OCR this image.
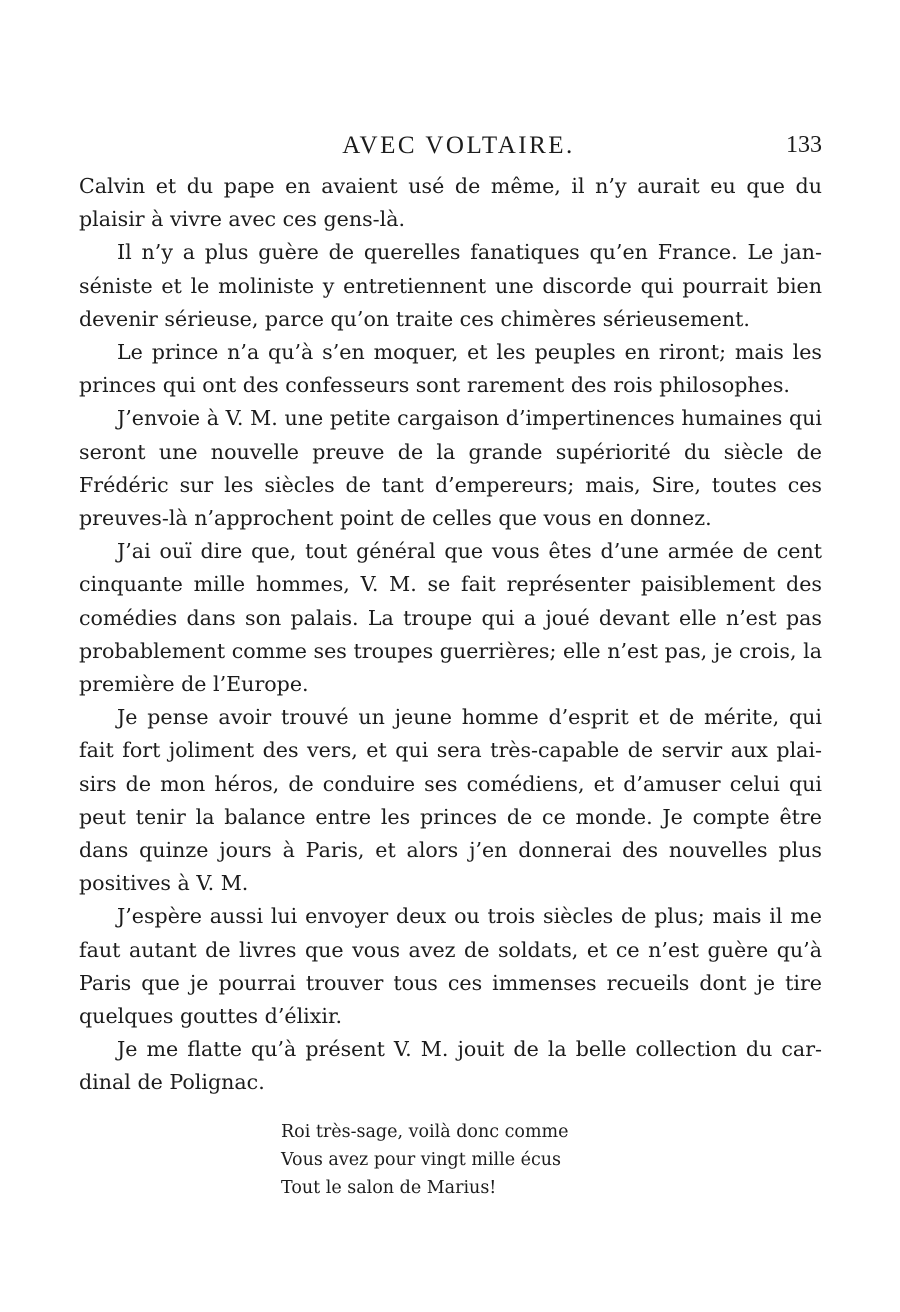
AVEC VOLTAIRE.	133

Calvin et du pape en avaient usé de même, il n’y aurait eu que du plaisir à vivre avec ces gens-là.

Il n’y a plus guère de querelles fanatiques qu’en France. Le jan-séniste et le moliniste y entretiennent une discorde qui pourrait bien devenir sérieuse, parce qu’on traite ces chimères sérieusement.

Le prince n’a qu’à s’en moquer, et les peuples en riront; mais les princes qui ont des confesseurs sont rarement des rois philosophes.

J’envoie à V. M. une petite cargaison d’impertinences humaines qui seront une nouvelle preuve de la grande supériorité du siècle de Frédéric sur les siècles de tant d’empereurs; mais, Sire, toutes ces preuves-là n’approchent point de celles que vous en donnez.

J’ai ouï dire que, tout général que vous êtes d’une armée de cent cinquante mille hommes, V. M. se fait représenter paisiblement des comédies dans son palais. La troupe qui a joué devant elle n’est pas probablement comme ses troupes guerrières; elle n’est pas, je crois, la première de l’Europe.

Je pense avoir trouvé un jeune homme d’esprit et de mérite, qui fait fort joliment des vers, et qui sera très-capable de servir aux plai-sirs de mon héros, de conduire ses comédiens, et d’amuser celui qui peut tenir la balance entre les princes de ce monde. Je compte être dans quinze jours à Paris, et alors j’en donnerai des nouvelles plus positives à V. M.

J’espère aussi lui envoyer deux ou trois siècles de plus; mais il me faut autant de livres que vous avez de soldats, et ce n’est guère qu’à Paris que je pourrai trouver tous ces immenses recueils dont je tire quelques gouttes d’élixir.

Je me flatte qu’à présent V. M. jouit de la belle collection du car-dinal de Polignac.

Roi très-sage, voilà donc comme
Vous avez pour vingt mille écus
Tout le salon de Marius!
